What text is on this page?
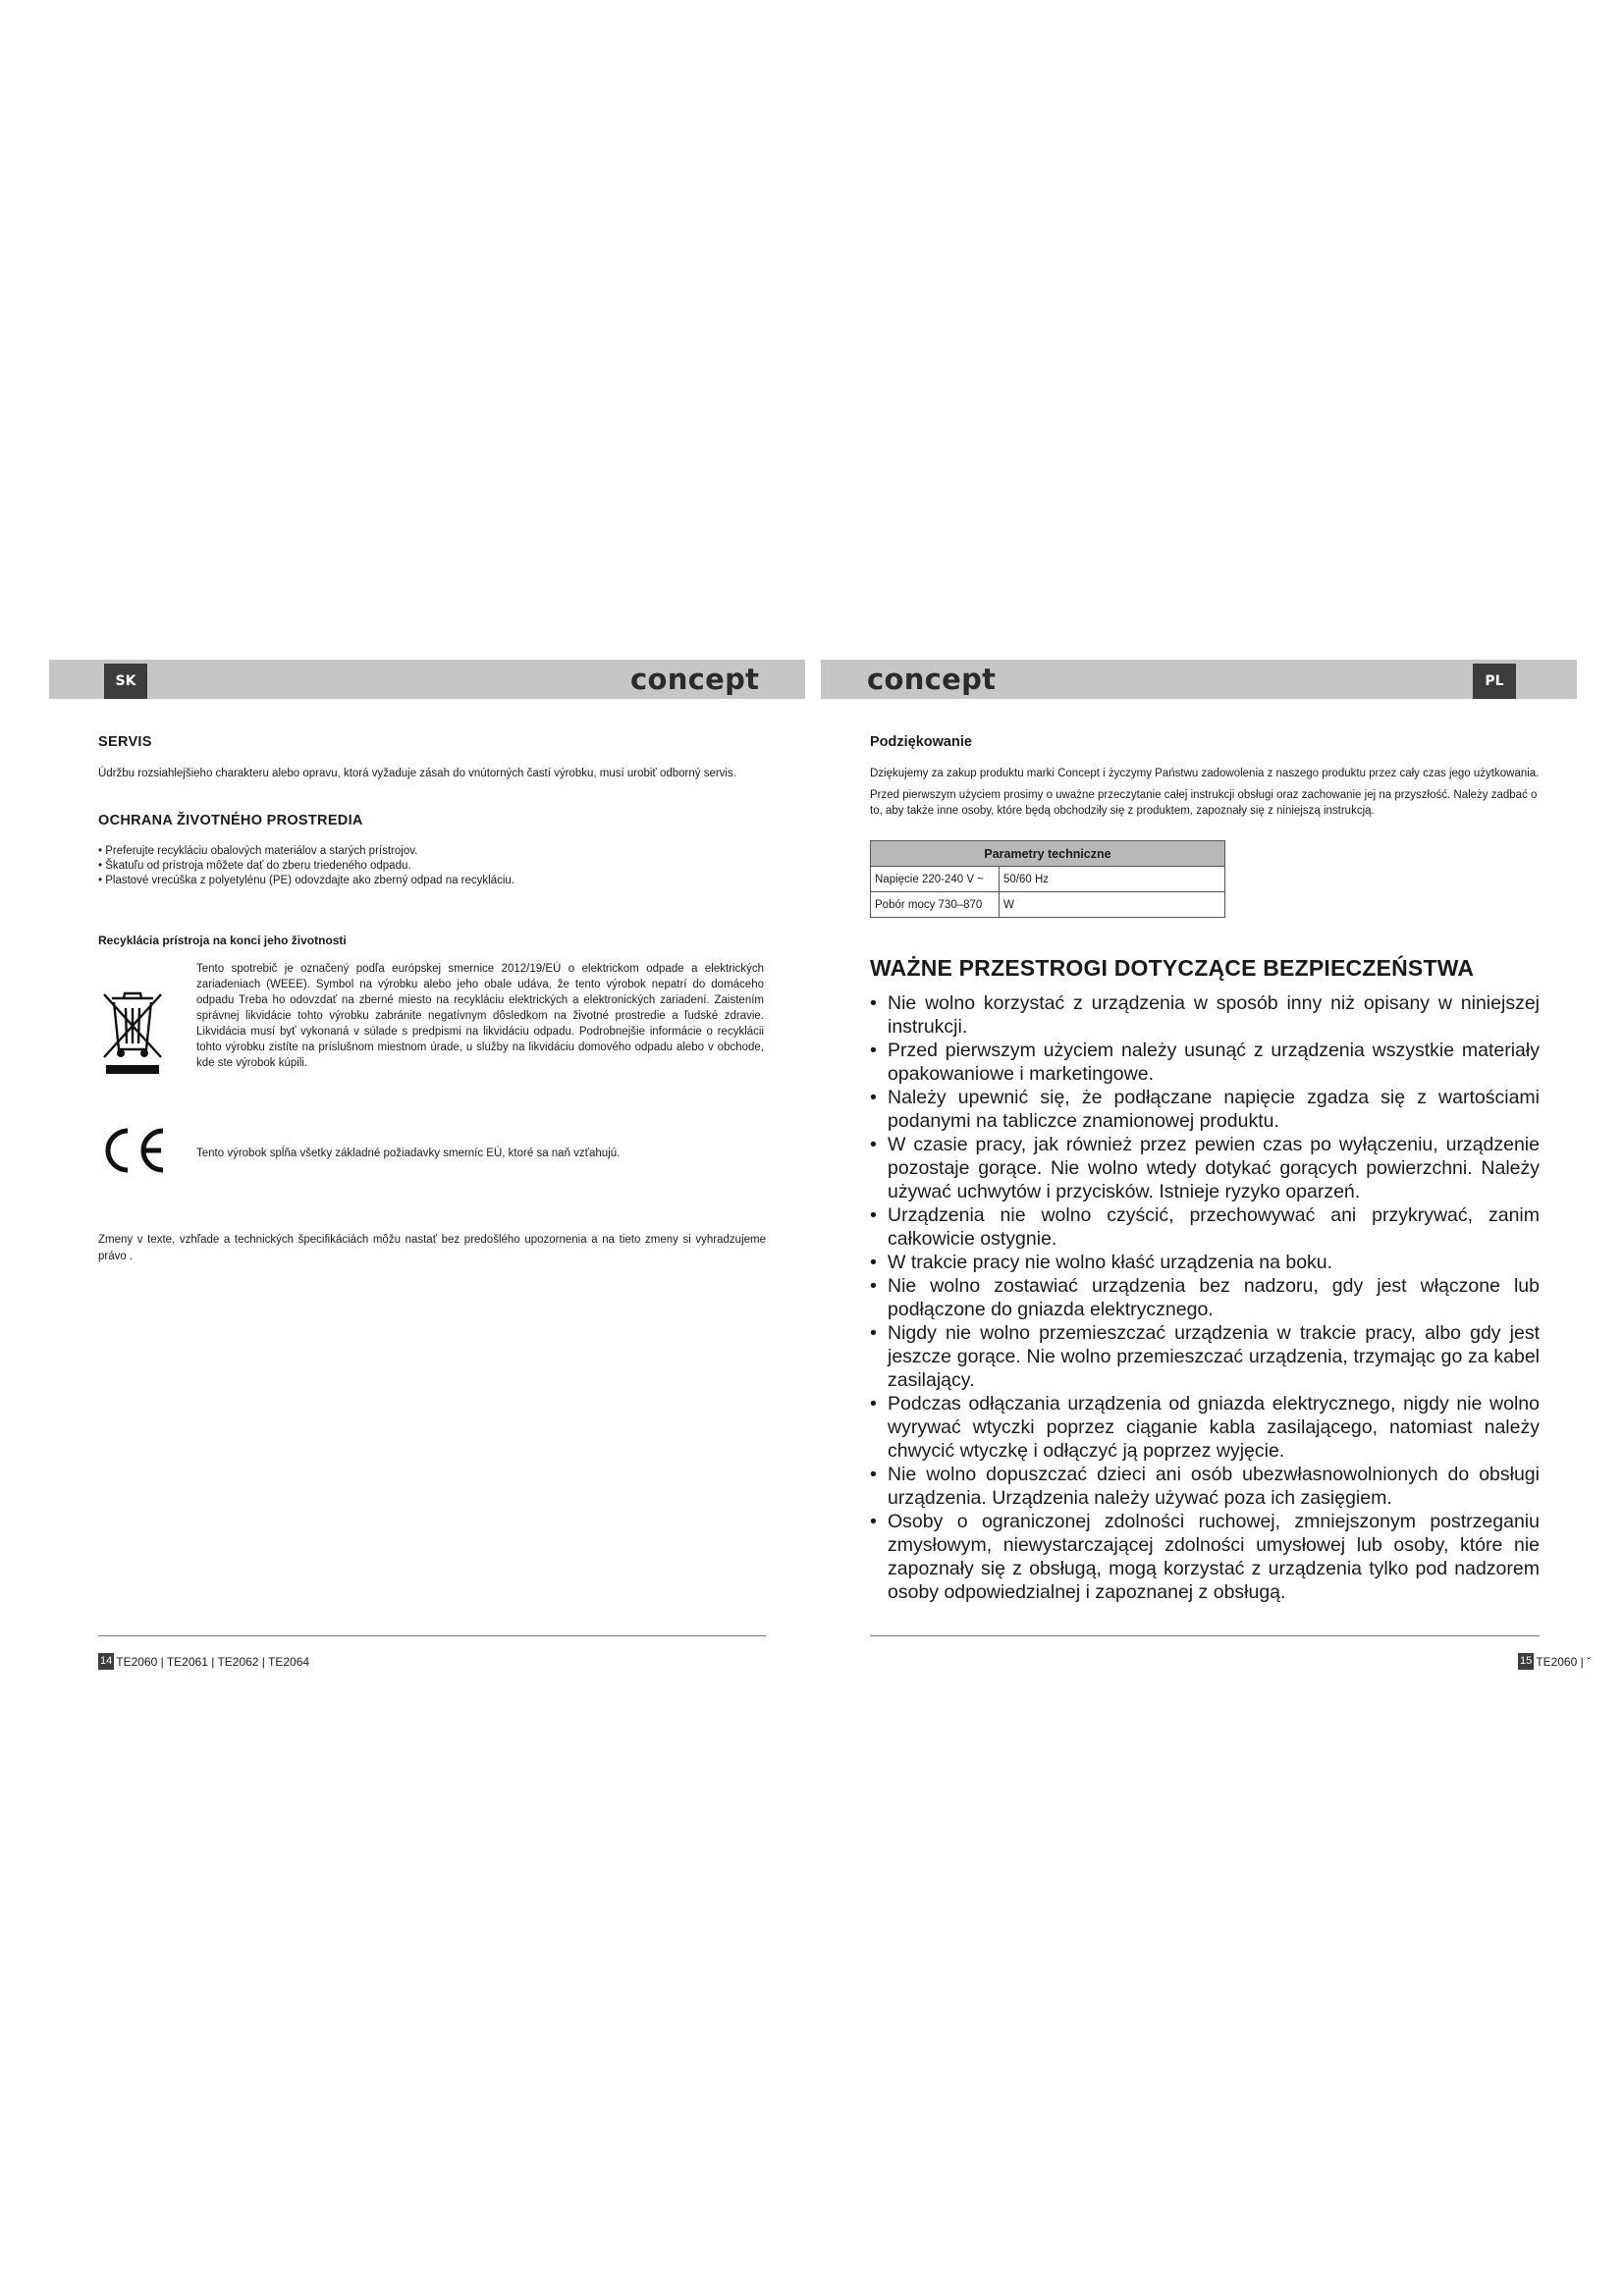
SK	PL
concept	concept
SERVIS

Údržbu rozsiahlejšieho charakteru alebo opravu, ktorá vyžaduje zásah do vnútorných častí výrobku, musí urobiť odborný servis.

OCHRANA ŽIVOTNÉHO PROSTREDIA
• Preferujte recykláciu obalových materiálov a starých prístrojov.
• Škatuľu od prístroja môžete dať do zberu triedeného odpadu.
• Plastové vrecúška z polyetylénu (PE) odovzdajte ako zberný odpad na recykláciu.
Recyklácia prístroja na konci jeho životnosti
Tento spotrebič je označený podľa európskej smernice 2012/19/EÚ o elektrickom odpade a elektrických zariadeniach (WEEE). Symbol na výrobku alebo jeho obale udáva, že tento výrobok nepatrí do domáceho odpadu Treba ho odovzdať na zberné miesto na recykláciu elektrických a elektronických zariadení. Zaistením správnej likvidácie tohto výrobku zabránite negatívnym dôsledkom na životné prostredie a ľudské zdravie. Likvidácia musí byť vykonaná v súlade s predpismi na likvidáciu odpadu. Podrobnejšie informácie o recyklácii tohto výrobku zistíte na príslušnom miestnom úrade, u služby na likvidáciu domového odpadu alebo v obchode, kde ste výrobok kúpili.
Tento výrobok spĺňa všetky základné požiadavky smerníc EÚ, ktoré sa naň vzťahujú.

Zmeny v texte, vzhľade a technických špecifikáciách môžu nastať bez predošlého upozornenia a na tieto zmeny si vyhradzujeme právo .

Podziękowanie

Dziękujemy za zakup produktu marki Concept i życzymy Państwu zadowolenia z naszego produktu przez cały czas jego użytkowania.

Przed pierwszym użyciem prosimy o uważne przeczytanie całej instrukcji obsługi oraz zachowanie jej na przyszłość. Należy zadbać o to, aby także inne osoby, które będą obchodziły się z produktem, zapoznały się z niniejszą instrukcją.

Parametry techniczne	
Napięcie 220-240 V ~	50/60 Hz
Pobór mocy 730–870	W
WAŻNE PRZESTROGI DOTYCZĄCE BEZPIECZEŃSTWA
• Nie wolno korzystać z urządzenia w sposób inny niż opisany w niniejszej instrukcji.
• Przed pierwszym użyciem należy usunąć z urządzenia wszystkie materiały opakowaniowe i marketingowe.
• Należy upewnić się, że podłączane napięcie zgadza się z wartościami podanymi na tabliczce znamionowej produktu.
• W czasie pracy, jak również przez pewien czas po wyłączeniu, urządzenie pozostaje gorące. Nie wolno wtedy dotykać gorących powierzchni. Należy używać uchwytów i przycisków. Istnieje ryzyko oparzeń.
• Urządzenia nie wolno czyścić, przechowywać ani przykrywać, zanim całkowicie ostygnie.
• W trakcie pracy nie wolno kłaść urządzenia na boku.
• Nie wolno zostawiać urządzenia bez nadzoru, gdy jest włączone lub podłączone do gniazda elektrycznego.
• Nigdy nie wolno przemieszczać urządzenia w trakcie pracy, albo gdy jest jeszcze gorące. Nie wolno przemieszczać urządzenia, trzymając go za kabel zasilający.
• Podczas odłączania urządzenia od gniazda elektrycznego, nigdy nie wolno wyrywać wtyczki poprzez ciąganie kabla zasilającego, natomiast należy chwycić wtyczkę i odłączyć ją poprzez wyjęcie.
• Nie wolno dopuszczać dzieci ani osób ubezwłasnowolnionych do obsługi urządzenia. Urządzenia należy używać poza ich zasięgiem.
• Osoby o ograniczonej zdolności ruchowej, zmniejszonym postrzeganiu zmysłowym, niewystarczającej zdolności umysłowej lub osoby, które nie zapoznały się z obsługą, mogą korzystać z urządzenia tylko pod nadzorem osoby odpowiedzialnej i zapoznanej z obsługą.
14 TE2060 | TE2061 | TE2062 | TE2064	15 TE2060 | ˇ
